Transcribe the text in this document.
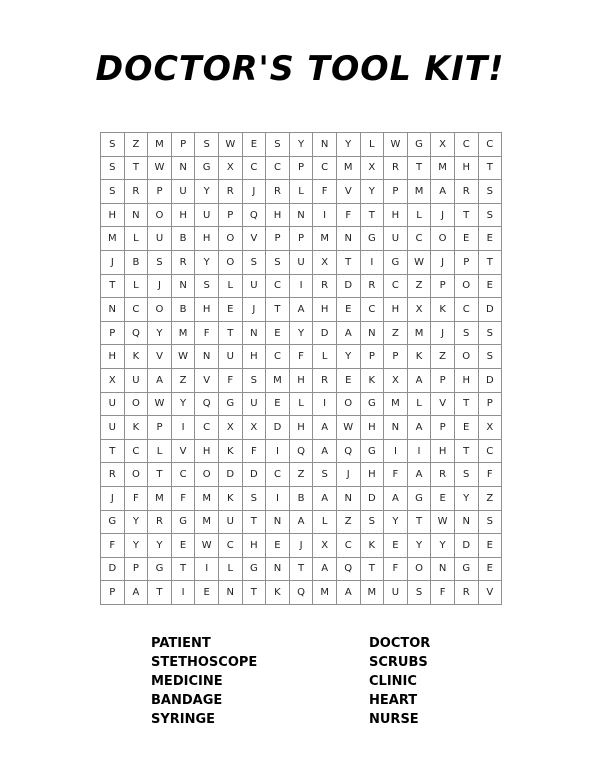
DOCTOR'S TOOL KIT!
S	Z	M	P	S	W	E	S	Y	N	Y	L	W	G	X	C	C
S	T	W	N	G	X	C	C	P	C	M	X	R	T	M	H	T
S	R	P	U	Y	R	J	R	L	F	V	Y	P	M	A	R	S
H	N	O	H	U	P	Q	H	N	I	F	T	H	L	J	T	S
M	L	U	B	H	O	V	P	P	M	N	G	U	C	O	E	E
J	B	S	R	Y	O	S	S	U	X	T	I	G	W	J	P	T
T	L	J	N	S	L	U	C	I	R	D	R	C	Z	P	O	E
N	C	O	B	H	E	J	T	A	H	E	C	H	X	K	C	D
P	Q	Y	M	F	T	N	E	Y	D	A	N	Z	M	J	S	S
H	K	V	W	N	U	H	C	F	L	Y	P	P	K	Z	O	S
X	U	A	Z	V	F	S	M	H	R	E	K	X	A	P	H	D
U	O	W	Y	Q	G	U	E	L	I	O	G	M	L	V	T	P
U	K	P	I	C	X	X	D	H	A	W	H	N	A	P	E	X
T	C	L	V	H	K	F	I	Q	A	Q	G	I	I	H	T	C
R	O	T	C	O	D	D	C	Z	S	J	H	F	A	R	S	F
J	F	M	F	M	K	S	I	B	A	N	D	A	G	E	Y	Z
G	Y	R	G	M	U	T	N	A	L	Z	S	Y	T	W	N	S
F	Y	Y	E	W	C	H	E	J	X	C	K	E	Y	Y	D	E
D	P	G	T	I	L	G	N	T	A	Q	T	F	O	N	G	E
P	A	T	I	E	N	T	K	Q	M	A	M	U	S	F	R	V
PATIENT
STETHOSCOPE
MEDICINE
BANDAGE
SYRINGE
DOCTOR
SCRUBS
CLINIC
HEART
NURSE
